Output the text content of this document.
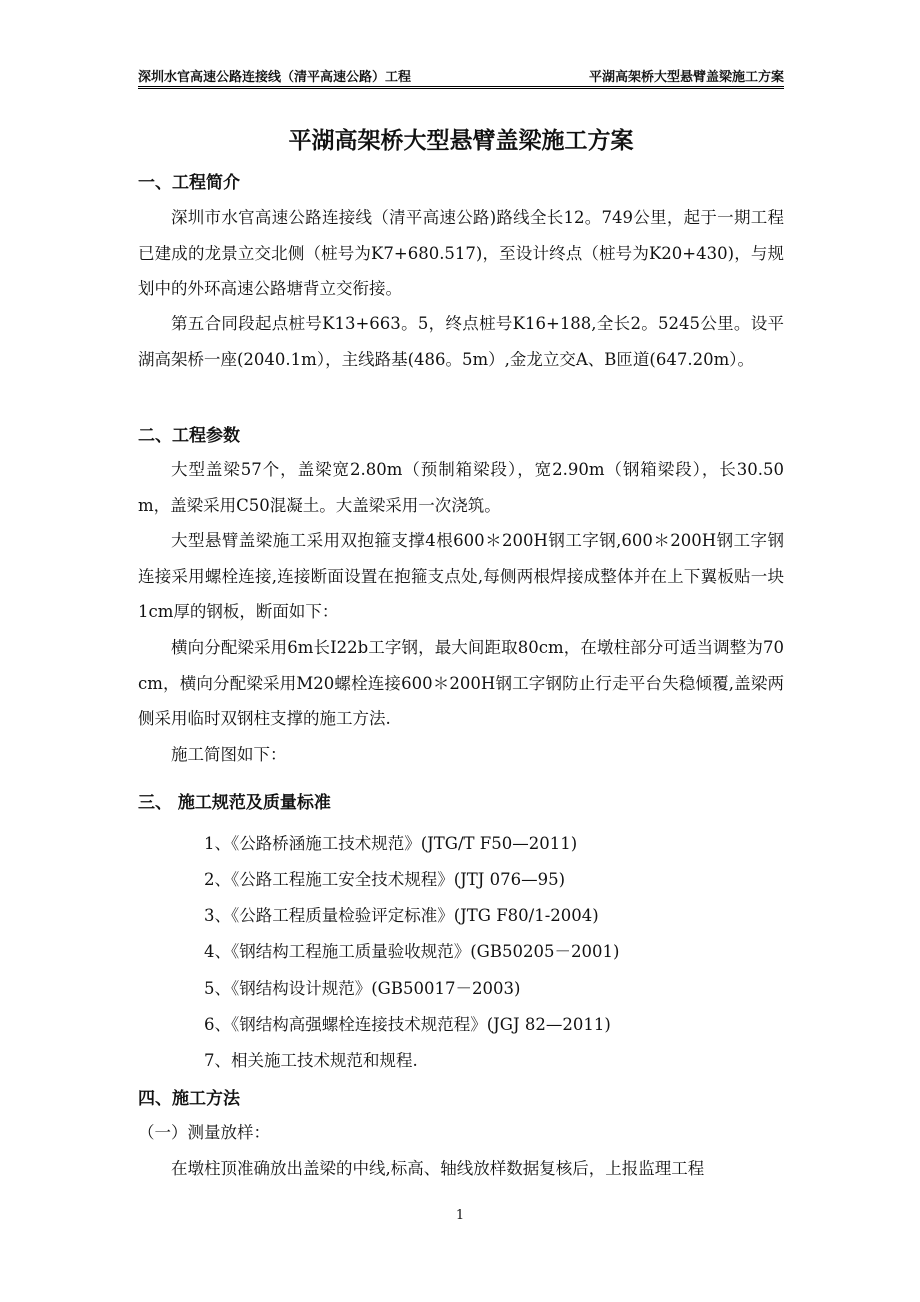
深圳水官高速公路连接线（清平高速公路）工程	平湖高架桥大型悬臂盖梁施工方案
平湖高架桥大型悬臂盖梁施工方案
一、工程简介

深圳市水官高速公路连接线（清平高速公路)路线全长12。749公里，起于一期工程已建成的龙景立交北侧（桩号为K7+680.517)，至设计终点（桩号为K20+430)，与规划中的外环高速公路塘背立交衔接。

第五合同段起点桩号K13+663。5，终点桩号K16+188,全长2。5245公里。设平湖高架桥一座(2040.1m），主线路基(486。5m）,金龙立交A、B匝道(647.20m）。

二、工程参数

大型盖梁57个，盖梁宽2.80m（预制箱梁段），宽2.90m（钢箱梁段），长30.50m，盖梁采用C50混凝土。大盖梁采用一次浇筑。

大型悬臂盖梁施工采用双抱箍支撑4根600＊200H钢工字钢,600＊200H钢工字钢连接采用螺栓连接,连接断面设置在抱箍支点处,每侧两根焊接成整体并在上下翼板贴一块1cm厚的钢板，断面如下：

横向分配梁采用6m长I22b工字钢，最大间距取80cm，在墩柱部分可适当调整为70cm，横向分配梁采用M20螺栓连接600＊200H钢工字钢防止行走平台失稳倾覆,盖梁两侧采用临时双钢柱支撑的施工方法.

施工简图如下：

三、 施工规范及质量标准
1、《公路桥涵施工技术规范》(JTG/T F50—2011)
2、《公路工程施工安全技术规程》(JTJ 076—95)
3、《公路工程质量检验评定标准》(JTG F80/1-2004)
4、《钢结构工程施工质量验收规范》(GB50205－2001)
5、《钢结构设计规范》(GB50017－2003)
6、《钢结构高强螺栓连接技术规范程》(JGJ 82—2011)
7、相关施工技术规范和规程.
四、施工方法
（一）测量放样：
在墩柱顶准确放出盖梁的中线,标高、轴线放样数据复核后，上报监理工程
1
